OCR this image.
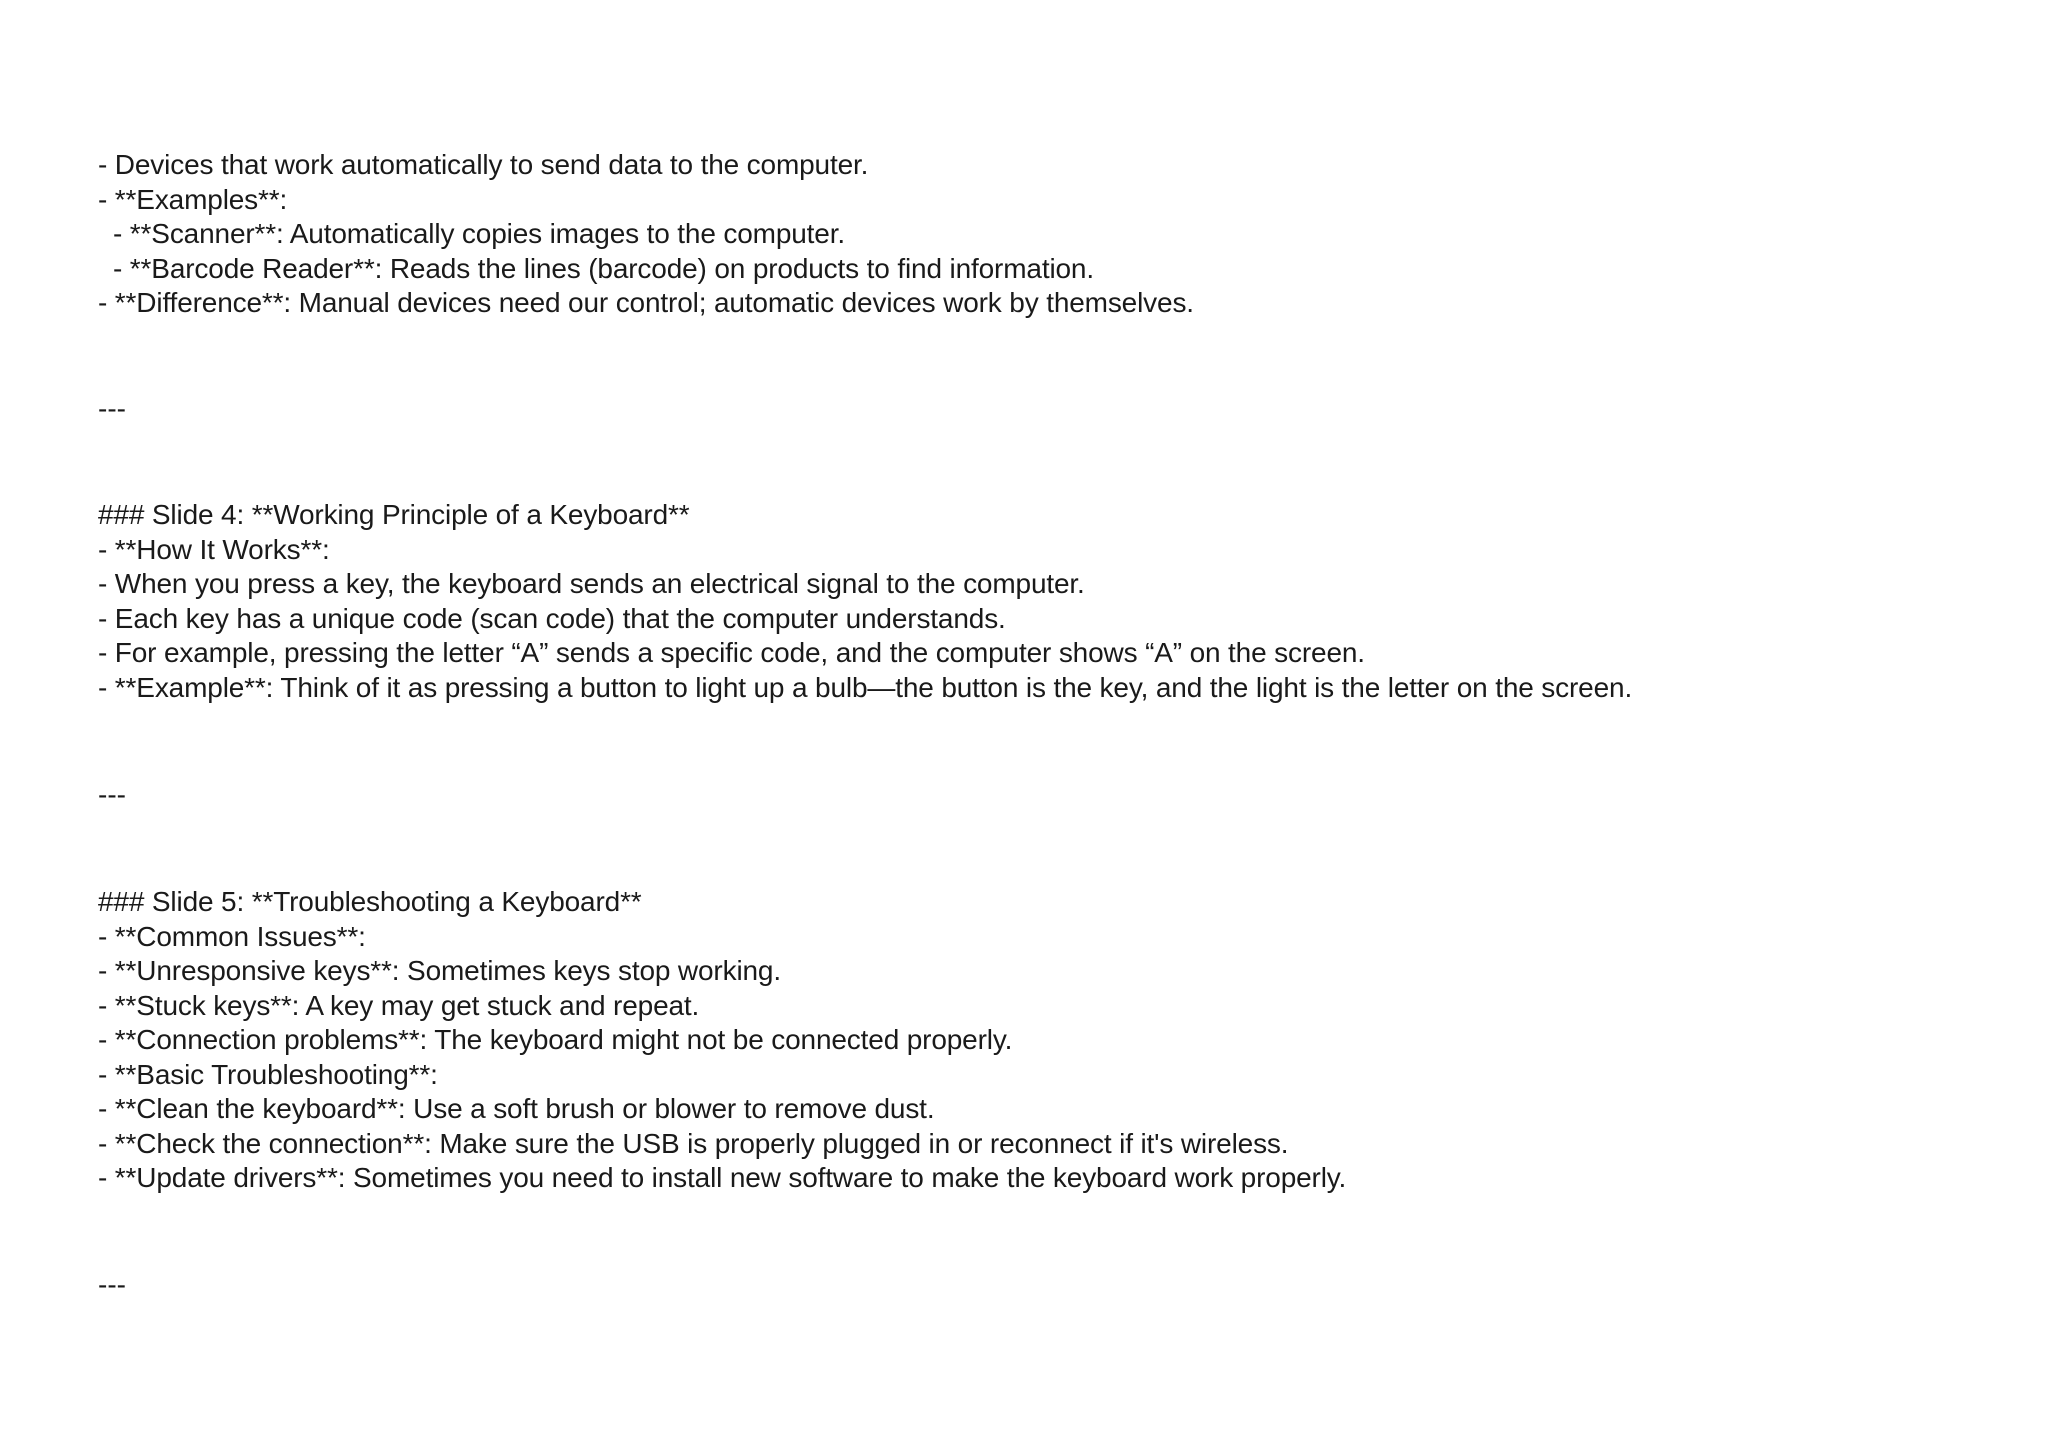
- Devices that work automatically to send data to the computer.
- **Examples**:
- **Scanner**: Automatically copies images to the computer.
- **Barcode Reader**: Reads the lines (barcode) on products to find information.
- **Difference**: Manual devices need our control; automatic devices work by themselves.
---
### Slide 4: **Working Principle of a Keyboard**
- **How It Works**:
- When you press a key, the keyboard sends an electrical signal to the computer.
- Each key has a unique code (scan code) that the computer understands.
- For example, pressing the letter “A” sends a specific code, and the computer shows “A” on the screen.
- **Example**: Think of it as pressing a button to light up a bulb—the button is the key, and the light is the letter on the screen.
---
### Slide 5: **Troubleshooting a Keyboard**
- **Common Issues**:
- **Unresponsive keys**: Sometimes keys stop working.
- **Stuck keys**: A key may get stuck and repeat.
- **Connection problems**: The keyboard might not be connected properly.
- **Basic Troubleshooting**:
- **Clean the keyboard**: Use a soft brush or blower to remove dust.
- **Check the connection**: Make sure the USB is properly plugged in or reconnect if it's wireless.
- **Update drivers**: Sometimes you need to install new software to make the keyboard work properly.
---
